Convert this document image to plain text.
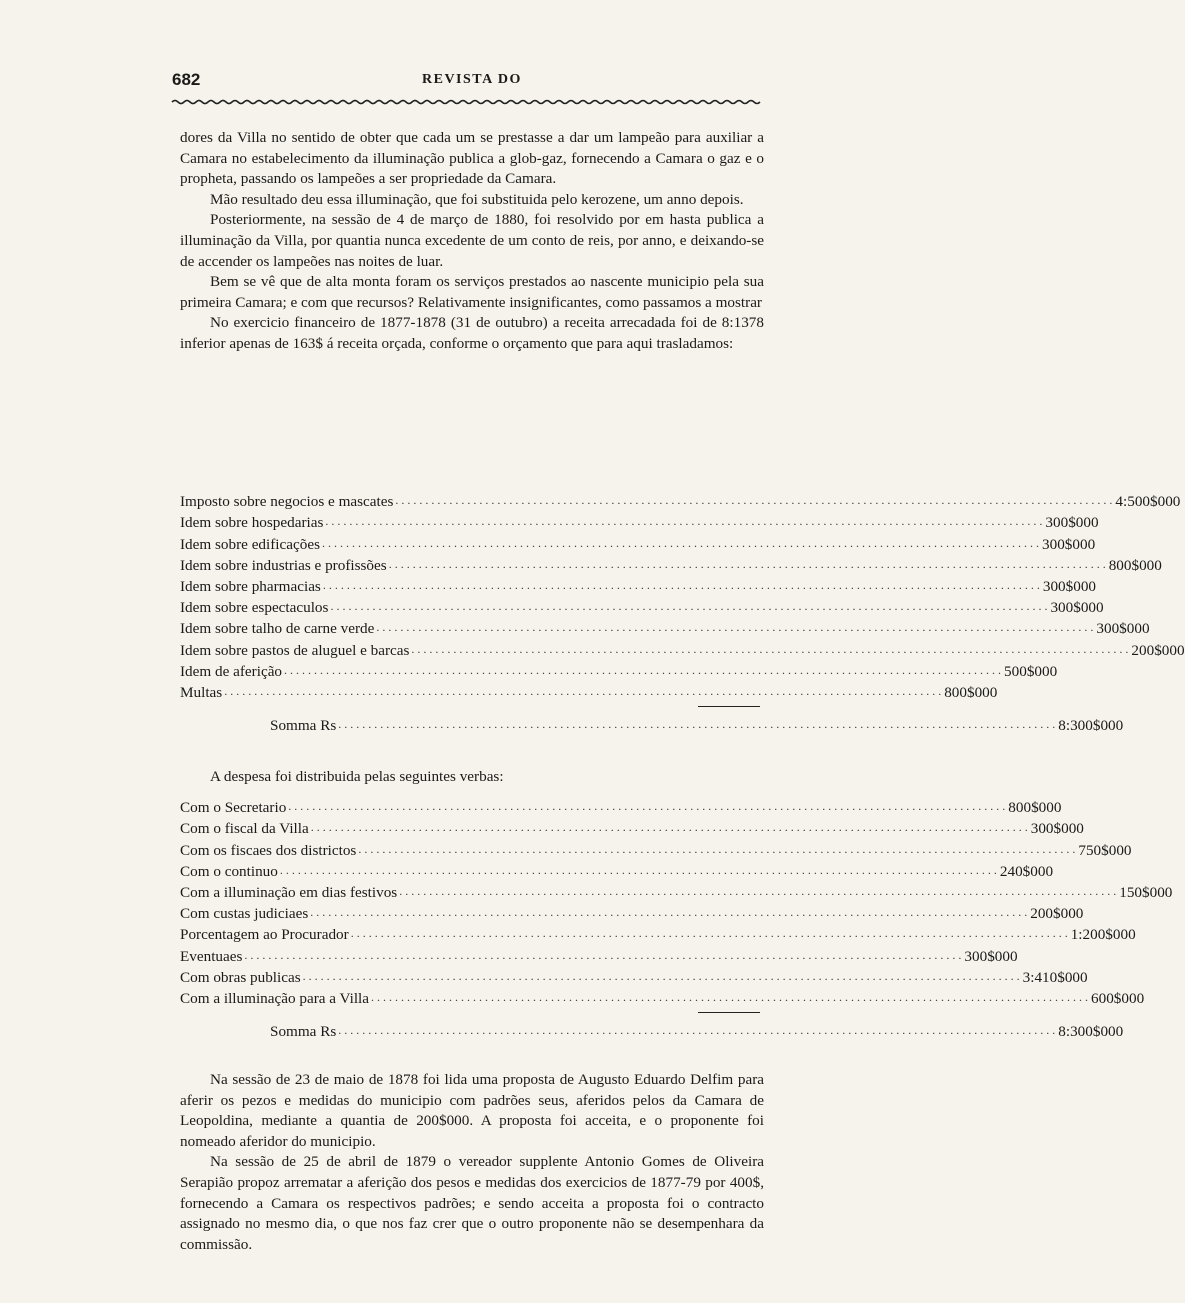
682	REVISTA DO

dores da Villa no sentido de obter que cada um se prestasse a dar um lampeão para auxiliar a Camara no estabelecimento da illuminação publica a glob-gaz, fornecendo a Camara o gaz e o propheta, passando os lampeões a ser propriedade da Camara.

Mão resultado deu essa illuminação, que foi substituida pelo kerozene, um anno depois.

Posteriormente, na sessão de 4 de março de 1880, foi resolvido por em hasta publica a illuminação da Villa, por quantia nunca excedente de um conto de reis, por anno, e deixando-se de accender os lampeões nas noites de luar.

Bem se vê que de alta monta foram os serviços prestados ao nascente municipio pela sua primeira Camara; e com que recursos? Relativamente insignificantes, como passamos a mostrar

No exercicio financeiro de 1877-1878 (31 de outubro) a receita arrecadada foi de 8:1378 inferior apenas de 163$ á receita orçada, conforme o orçamento que para aqui trasladamos:

Imposto sobre negocios e mascates ........................................................................................................................ 4:500$000
Idem sobre hospedarias ........................................................................................................................ 300$000
Idem sobre edificações ........................................................................................................................ 300$000
Idem sobre industrias e profissões ........................................................................................................................ 800$000
Idem sobre pharmacias ........................................................................................................................ 300$000
Idem sobre espectaculos ........................................................................................................................ 300$000
Idem sobre talho de carne verde ........................................................................................................................ 300$000
Idem sobre pastos de aluguel e barcas ........................................................................................................................ 200$000
Idem de aferição ........................................................................................................................ 500$000
Multas ........................................................................................................................ 800$000
Somma Rs ........................................................................................................................ 8:300$000
A despesa foi distribuida pelas seguintes verbas:
Com o Secretario ........................................................................................................................ 800$000
Com o fiscal da Villa ........................................................................................................................ 300$000
Com os fiscaes dos districtos ........................................................................................................................ 750$000
Com o continuo ........................................................................................................................ 240$000
Com a illuminação em dias festivos ........................................................................................................................ 150$000
Com custas judiciaes ........................................................................................................................ 200$000
Porcentagem ao Procurador ........................................................................................................................ 1:200$000
Eventuaes ........................................................................................................................ 300$000
Com obras publicas ........................................................................................................................ 3:410$000
Com a illuminação para a Villa ........................................................................................................................ 600$000
Somma Rs ........................................................................................................................ 8:300$000

Na sessão de 23 de maio de 1878 foi lida uma proposta de Augusto Eduardo Delfim para aferir os pezos e medidas do municipio com padrões seus, aferidos pelos da Camara de Leopoldina, mediante a quantia de 200$000. A proposta foi acceita, e o proponente foi nomeado aferidor do municipio.

Na sessão de 25 de abril de 1879 o vereador supplente Antonio Gomes de Oliveira Serapião propoz arrematar a aferição dos pesos e medidas dos exercicios de 1877-79 por 400$, fornecendo a Camara os respectivos padrões; e sendo acceita a proposta foi o contracto assignado no mesmo dia, o que nos faz crer que o outro proponente não se desempenhara da commissão.
